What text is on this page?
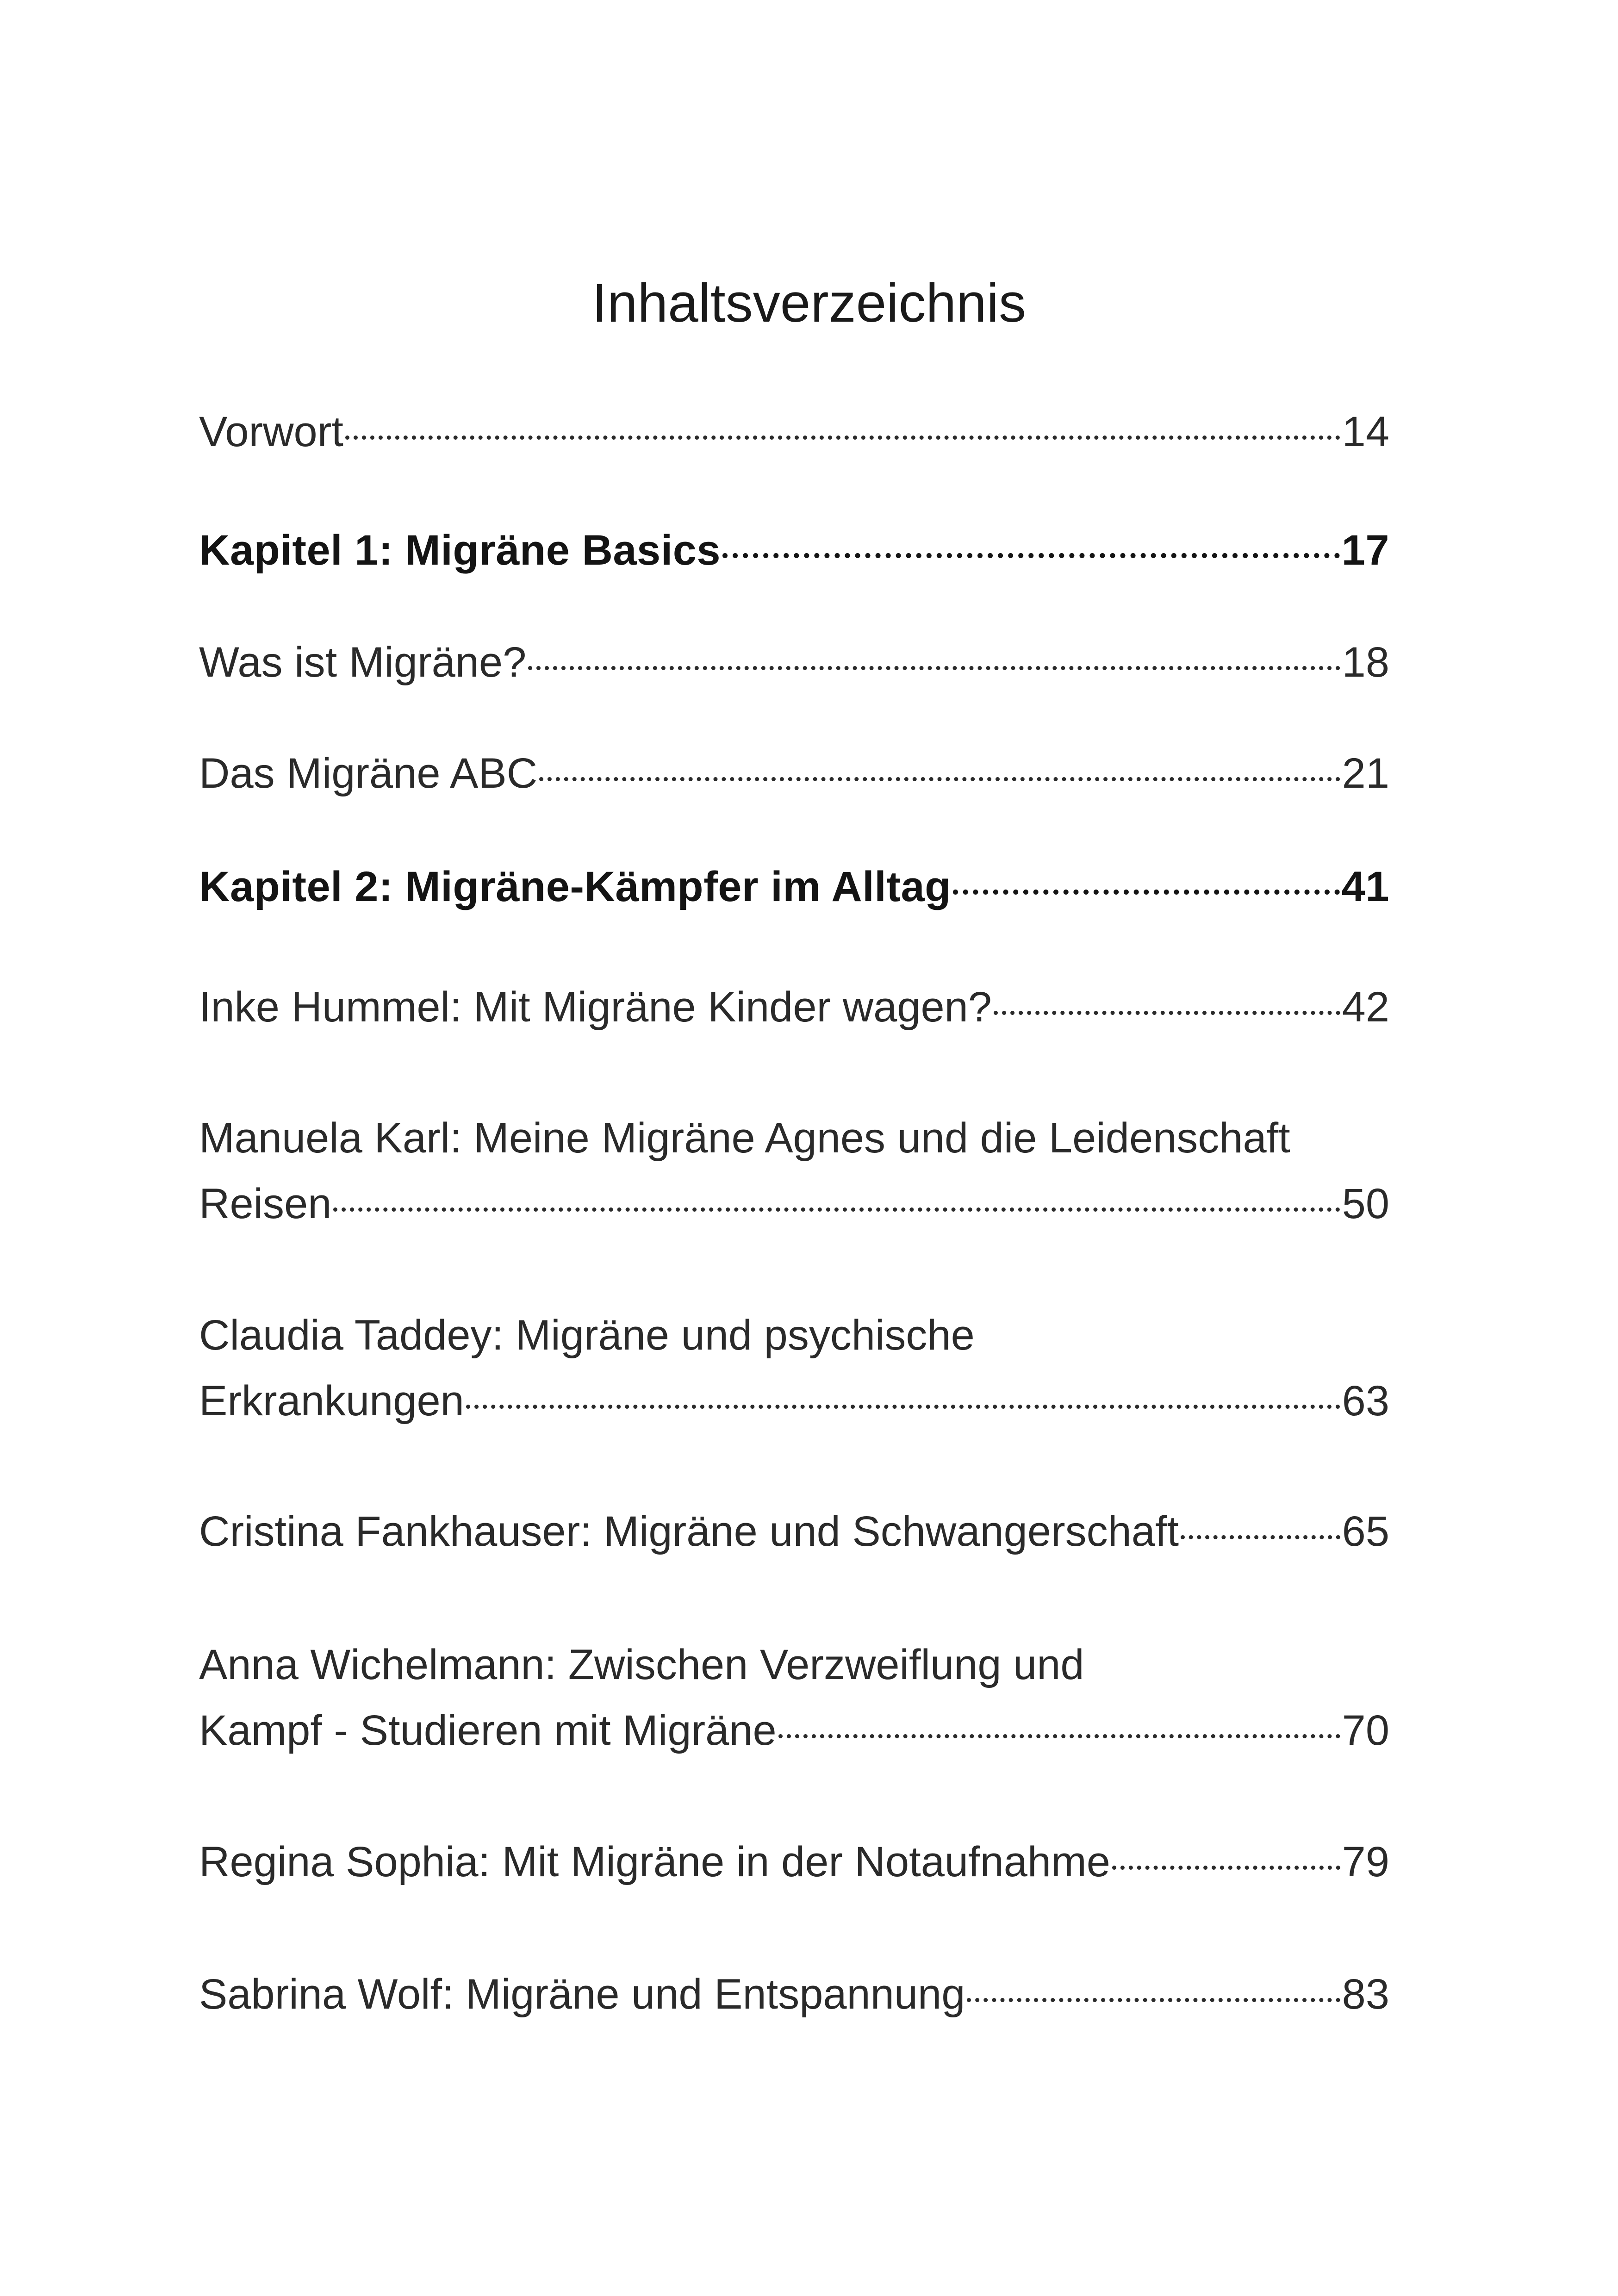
Inhaltsverzeichnis
Vorwort	14
Kapitel 1: Migräne Basics	17
Was ist Migräne?	18
Das Migräne ABC	21
Kapitel 2: Migräne-Kämpfer im Alltag	41
Inke Hummel: Mit Migräne Kinder wagen?	42
Manuela Karl: Meine Migräne Agnes und die Leidenschaft
Reisen	50
Claudia Taddey: Migräne und psychische
Erkrankungen	63
Cristina Fankhauser: Migräne und Schwangerschaft	65
Anna Wichelmann: Zwischen Verzweiflung und
Kampf - Studieren mit Migräne	70
Regina Sophia: Mit Migräne in der Notaufnahme	79
Sabrina Wolf: Migräne und Entspannung	83
